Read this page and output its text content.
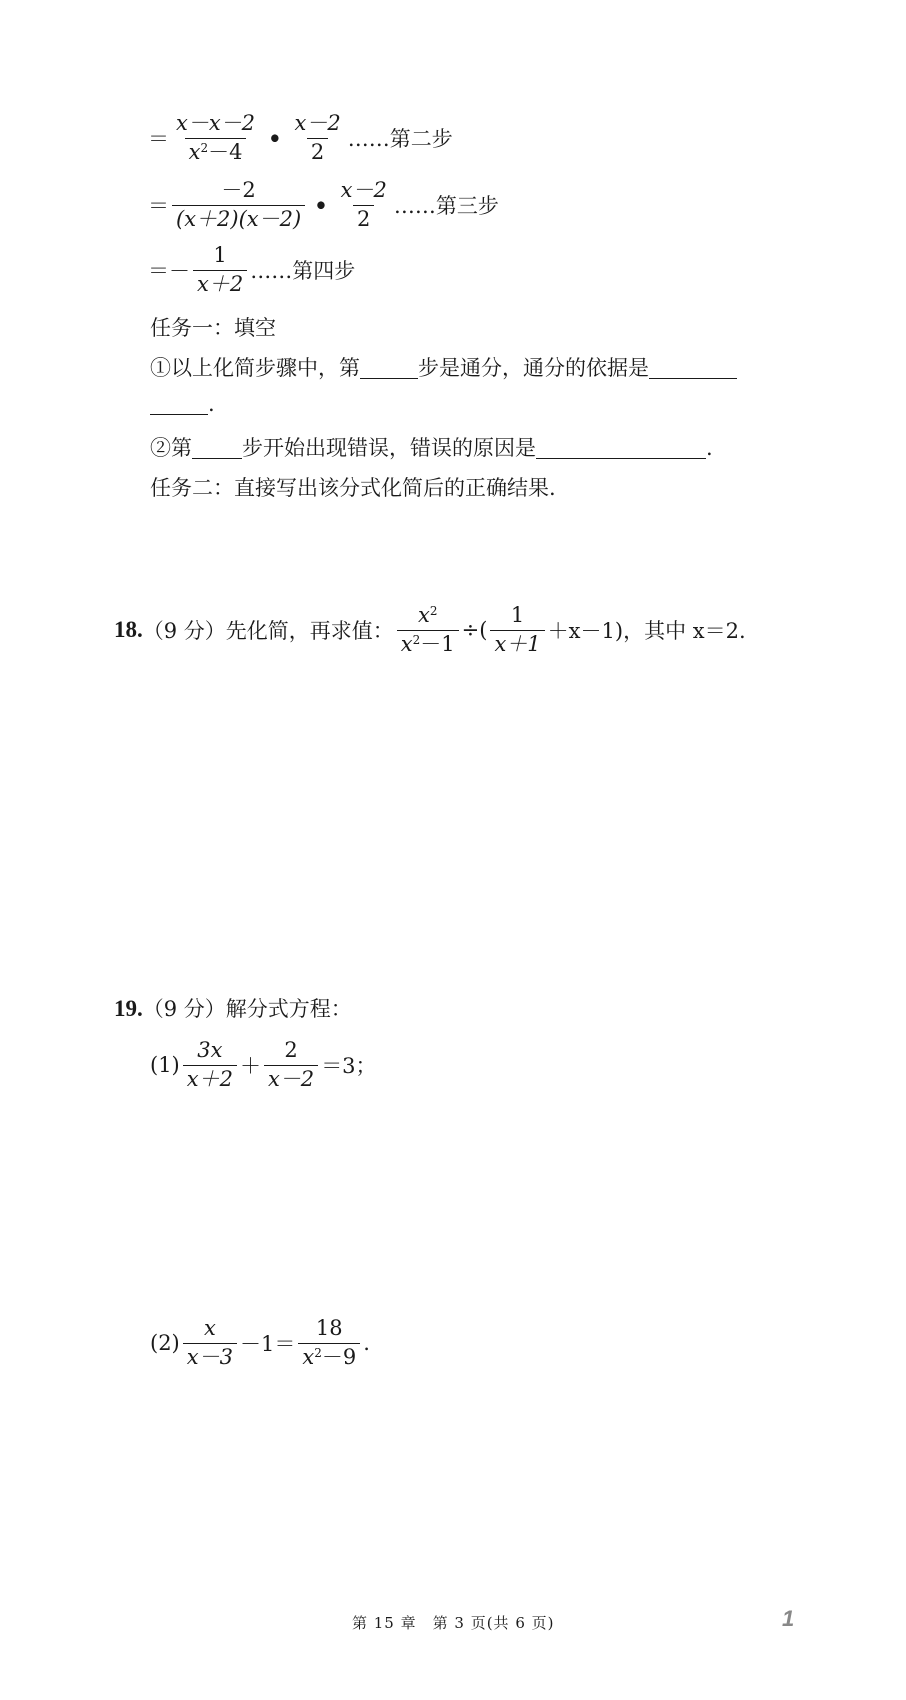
＝ $\frac{x-x-2}{x^2-4}$ • $\frac{x-2}{2}$ ……第二步
＝ $\frac{-2}{(x+2)(x-2)}$ • $\frac{x-2}{2}$ ……第三步
＝－ $\frac{1}{x+2}$ ……第四步
任务一：填空
①以上化简步骤中，第	步是通分，通分的依据是
.
②第 步开始出现错误，错误的原因是	.
任务二：直接写出该分式化简后的正确结果.
18. （9 分）先化简，再求值： $\frac{x^2}{x^2-1}$ ÷( $\frac{1}{x+1} +x-1$)，其中 x＝2.
19.（9 分）解分式方程：
$(1) \frac{3x}{x+2} + \frac{2}{x-2} =3$；
$(2) \frac{x}{x-3} -1= \frac{18}{x^2-9}$ .
第 15 章　第 3 页(共 6 页)	1
